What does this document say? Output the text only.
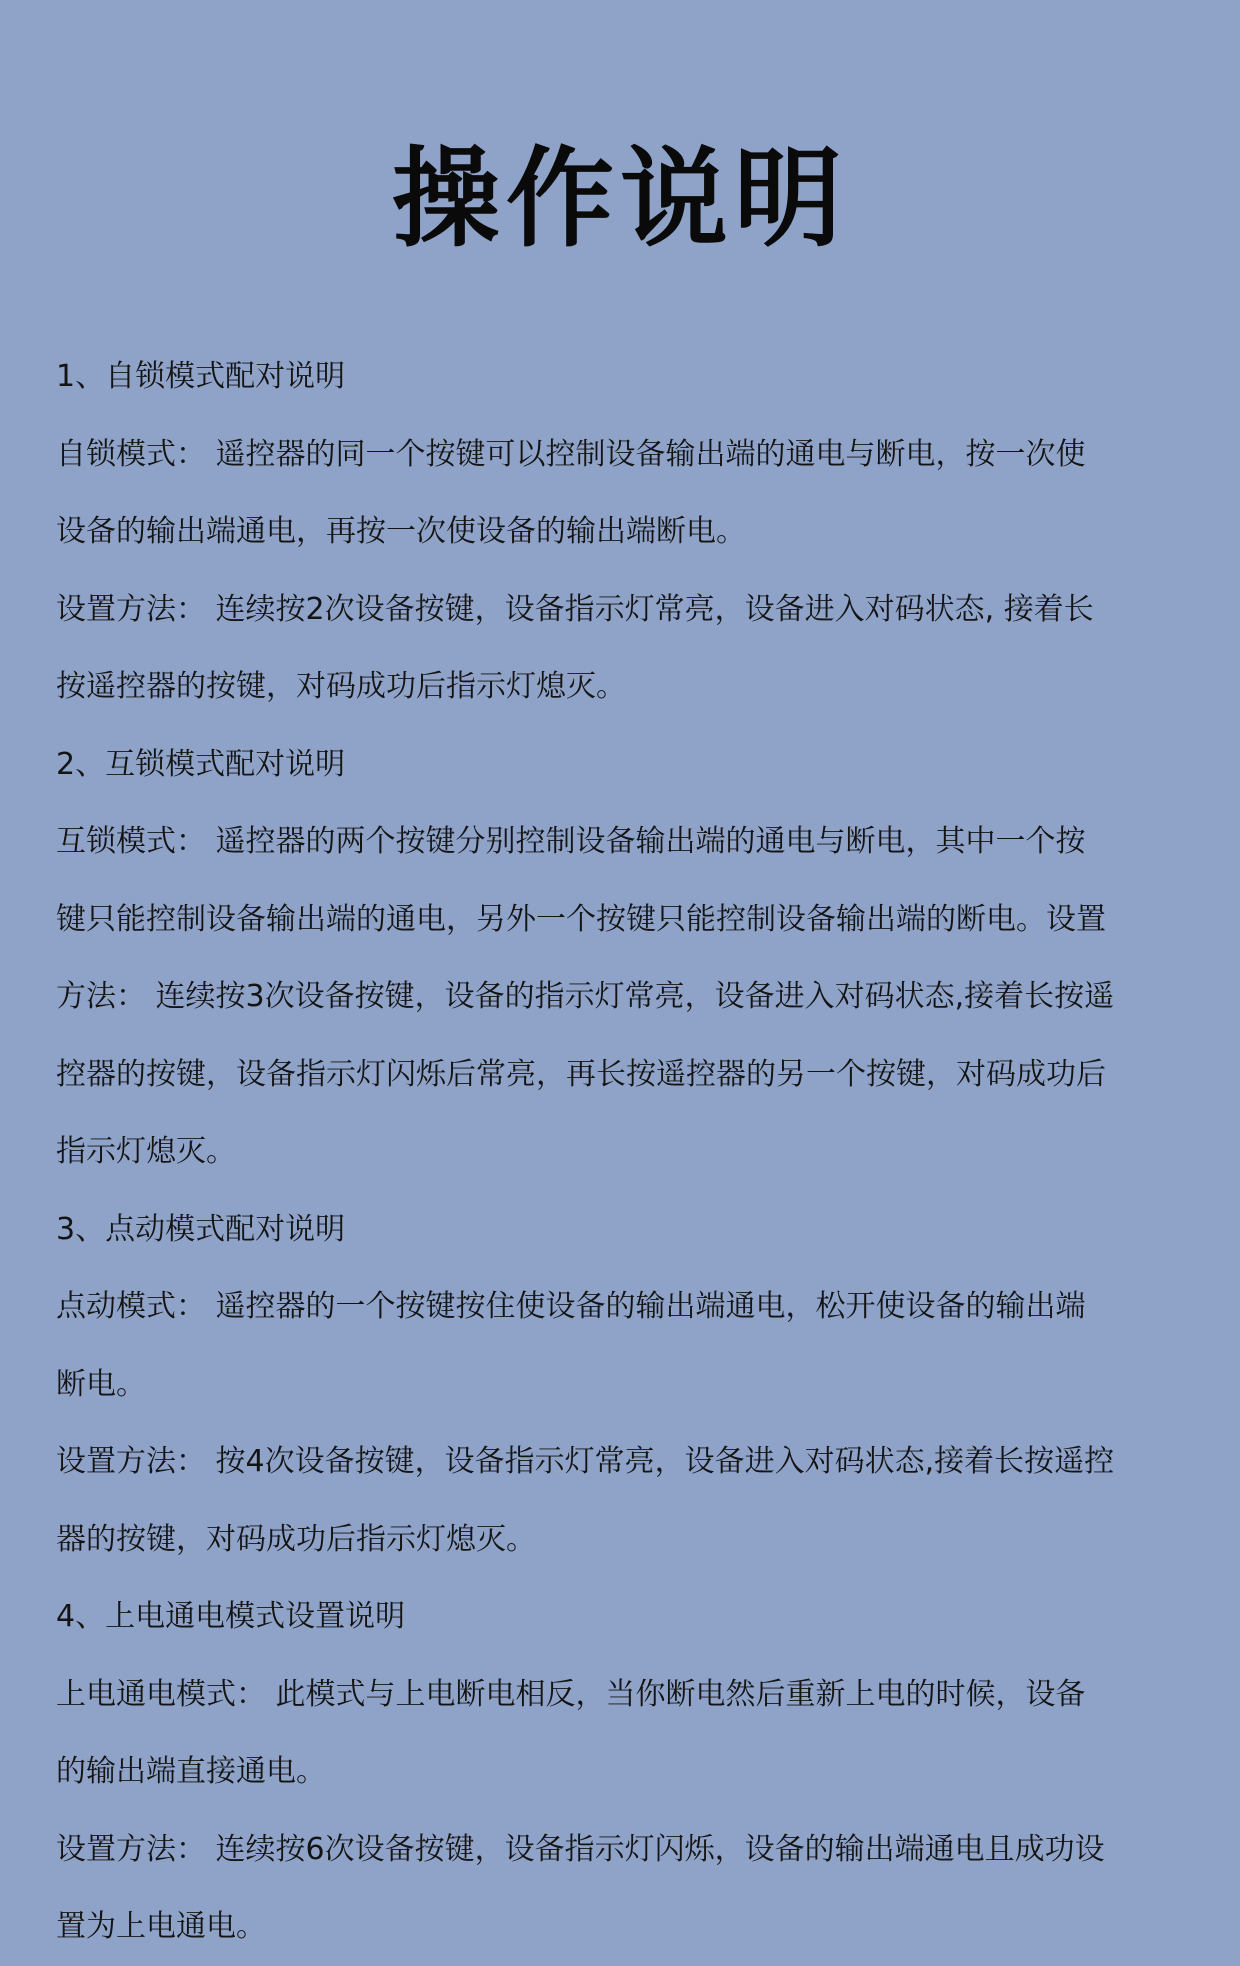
操作说明
1、自锁模式配对说明
自锁模式： 遥控器的同一个按键可以控制设备输出端的通电与断电，按一次使
设备的输出端通电，再按一次使设备的输出端断电。
设置方法： 连续按2次设备按键，设备指示灯常亮，设备进入对码状态, 接着长
按遥控器的按键，对码成功后指示灯熄灭。
2、互锁模式配对说明
互锁模式： 遥控器的两个按键分别控制设备输出端的通电与断电，其中一个按
键只能控制设备输出端的通电，另外一个按键只能控制设备输出端的断电。设置
方法： 连续按3次设备按键，设备的指示灯常亮，设备进入对码状态,接着长按遥
控器的按键，设备指示灯闪烁后常亮，再长按遥控器的另一个按键，对码成功后
指示灯熄灭。
3、点动模式配对说明
点动模式： 遥控器的一个按键按住使设备的输出端通电，松开使设备的输出端
断电。
设置方法： 按4次设备按键，设备指示灯常亮，设备进入对码状态,接着长按遥控
器的按键，对码成功后指示灯熄灭。
4、上电通电模式设置说明
上电通电模式： 此模式与上电断电相反，当你断电然后重新上电的时候，设备
的输出端直接通电。
设置方法： 连续按6次设备按键，设备指示灯闪烁，设备的输出端通电且成功设
置为上电通电。
